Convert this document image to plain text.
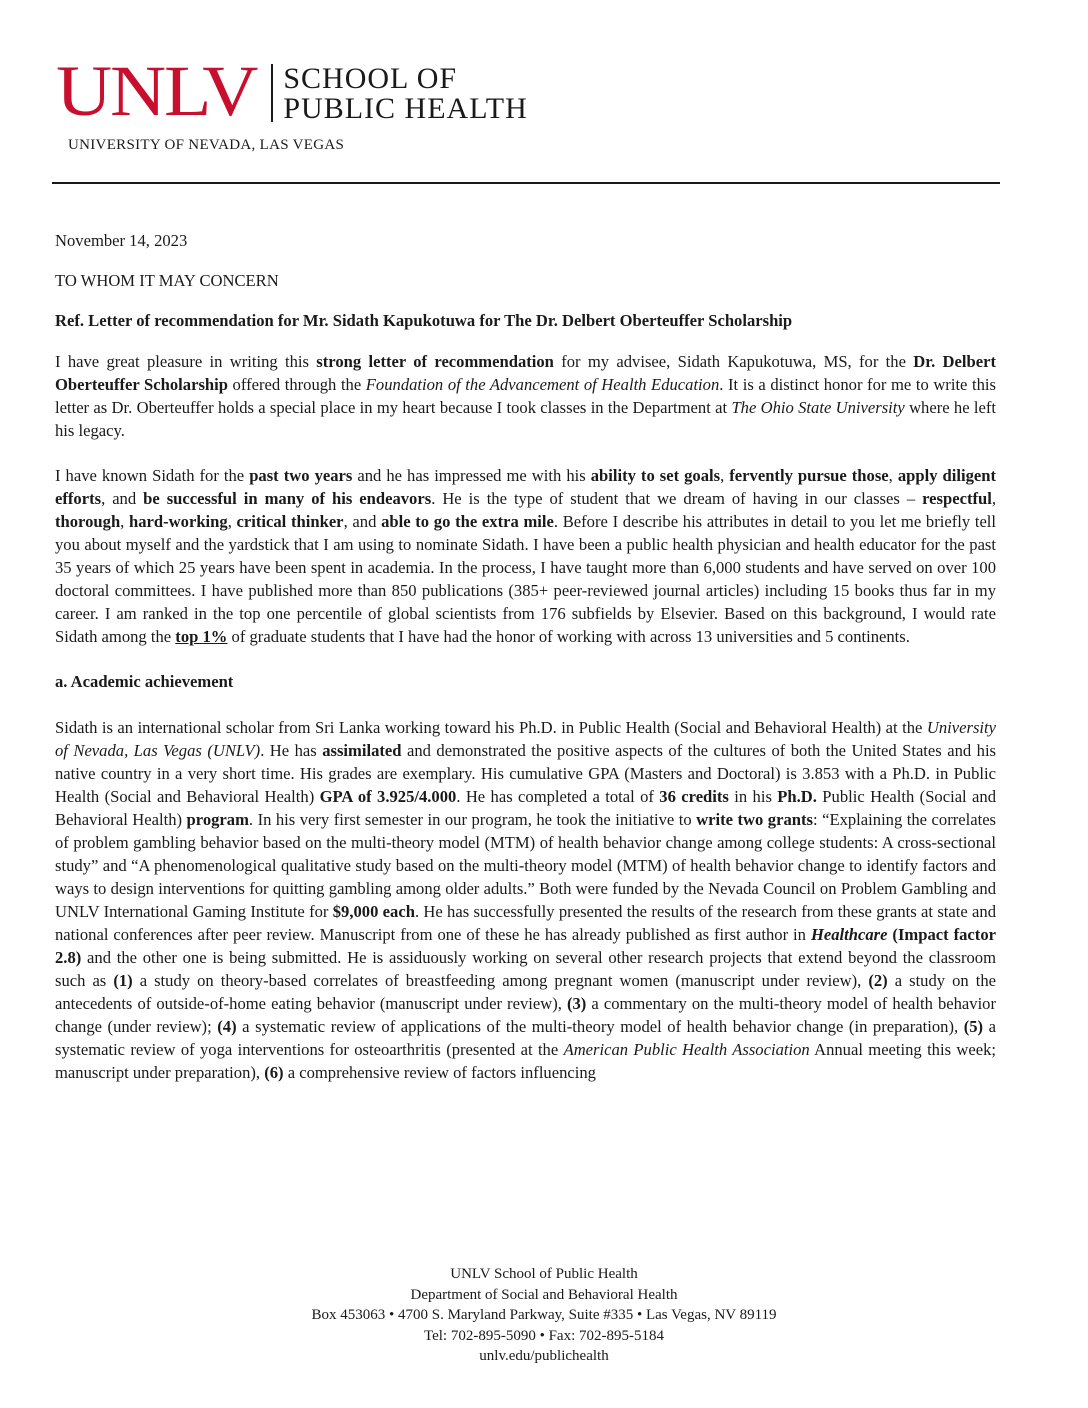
UNLV SCHOOL OF
PUBLIC HEALTH
UNIVERSITY OF NEVADA, LAS VEGAS

November 14, 2023

TO WHOM IT MAY CONCERN

Ref. Letter of recommendation for Mr. Sidath Kapukotuwa for The Dr. Delbert Oberteuffer Scholarship

I have great pleasure in writing this strong letter of recommendation for my advisee, Sidath Kapukotuwa, MS, for the Dr. Delbert Oberteuffer Scholarship offered through the Foundation of the Advancement of Health Education. It is a distinct honor for me to write this letter as Dr. Oberteuffer holds a special place in my heart because I took classes in the Department at The Ohio State University where he left his legacy.

I have known Sidath for the past two years and he has impressed me with his ability to set goals, fervently pursue those, apply diligent efforts, and be successful in many of his endeavors. He is the type of student that we dream of having in our classes – respectful, thorough, hard-working, critical thinker, and able to go the extra mile. Before I describe his attributes in detail to you let me briefly tell you about myself and the yardstick that I am using to nominate Sidath. I have been a public health physician and health educator for the past 35 years of which 25 years have been spent in academia. In the process, I have taught more than 6,000 students and have served on over 100 doctoral committees. I have published more than 850 publications (385+ peer-reviewed journal articles) including 15 books thus far in my career. I am ranked in the top one percentile of global scientists from 176 subfields by Elsevier. Based on this background, I would rate Sidath among the top 1% of graduate students that I have had the honor of working with across 13 universities and 5 continents.

a. Academic achievement

Sidath is an international scholar from Sri Lanka working toward his Ph.D. in Public Health (Social and Behavioral Health) at the University of Nevada, Las Vegas (UNLV). He has assimilated and demonstrated the positive aspects of the cultures of both the United States and his native country in a very short time. His grades are exemplary. His cumulative GPA (Masters and Doctoral) is 3.853 with a Ph.D. in Public Health (Social and Behavioral Health) GPA of 3.925/4.000. He has completed a total of 36 credits in his Ph.D. Public Health (Social and Behavioral Health) program. In his very first semester in our program, he took the initiative to write two grants: “Explaining the correlates of problem gambling behavior based on the multi-theory model (MTM) of health behavior change among college students: A cross-sectional study” and “A phenomenological qualitative study based on the multi-theory model (MTM) of health behavior change to identify factors and ways to design interventions for quitting gambling among older adults.” Both were funded by the Nevada Council on Problem Gambling and UNLV International Gaming Institute for $9,000 each. He has successfully presented the results of the research from these grants at state and national conferences after peer review. Manuscript from one of these he has already published as first author in Healthcare (Impact factor 2.8) and the other one is being submitted. He is assiduously working on several other research projects that extend beyond the classroom such as (1) a study on theory-based correlates of breastfeeding among pregnant women (manuscript under review), (2) a study on the antecedents of outside-of-home eating behavior (manuscript under review), (3) a commentary on the multi-theory model of health behavior change (under review); (4) a systematic review of applications of the multi-theory model of health behavior change (in preparation), (5) a systematic review of yoga interventions for osteoarthritis (presented at the American Public Health Association Annual meeting this week; manuscript under preparation), (6) a comprehensive review of factors influencing

UNLV School of Public Health
Department of Social and Behavioral Health
Box 453063 • 4700 S. Maryland Parkway, Suite #335 • Las Vegas, NV 89119
Tel: 702-895-5090 • Fax: 702-895-5184
unlv.edu/publichealth
